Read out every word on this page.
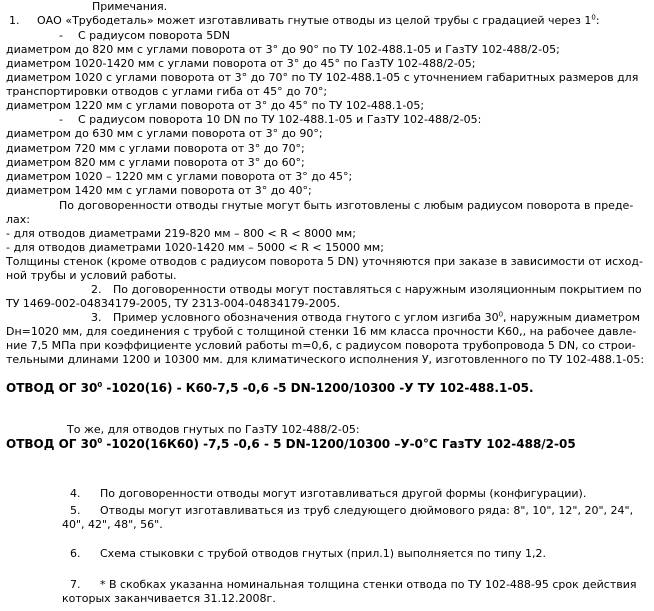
Примечания.
1. ОАО «Трубодеталь» может изготавливать гнутые отводы из целой трубы с градацией через $1^0$:
- С радиусом поворота 5DN
диаметром до 820 мм с углами поворота от 3° до 90° по ТУ 102-488.1-05 и ГазТУ 102-488/2-05;
диаметром 1020-1420 мм с углами поворота от 3° до 45° по ГазТУ 102-488/2-05;
диаметром 1020 с углами поворота от 3° до 70° по ТУ 102-488.1-05 с уточнением габаритных размеров для
транспортировки отводов с углами гиба от 45° до 70°;
диаметром 1220 мм с углами поворота от 3° до 45° по ТУ 102-488.1-05;
- С радиусом поворота 10 DN по ТУ 102-488.1-05 и ГазТУ 102-488/2-05:
диаметром до 630 мм с углами поворота от 3° до 90°;
диаметром 720 мм с углами поворота от 3° до 70°;
диаметром 820 мм с углами поворота от 3° до 60°;
диаметром 1020 – 1220 мм с углами поворота от 3° до 45°;
диаметром 1420 мм с углами поворота от 3° до 40°;
По договоренности отводы гнутые могут быть изготовлены с любым радиусом поворота в преде-
лах:
- для отводов диаметрами 219-820 мм – 800 < R < 8000 мм;
- для отводов диаметрами 1020-1420 мм – 5000 < R < 15000 мм;
Толщины стенок (кроме отводов с радиусом поворота 5 DN) уточняются при заказе в зависимости от исход-
ной трубы и условий работы.
2. По договоренности отводы могут поставляться с наружным изоляционным покрытием по
ТУ 1469-002-04834179-2005, ТУ 2313-004-04834179-2005.
3. Пример условного обозначения отвода гнутого с углом изгиба $30^0$, наружным диаметром
Dн=1020 мм, для соединения с трубой с толщиной стенки 16 мм класса прочности К60,, на рабочее давле-
ние 7,5 МПа при коэффициенте условий работы m=0,6, с радиусом поворота трубопровода 5 DN, со строи-
тельными длинами 1200 и 10300 мм. для климатического исполнения У, изготовленного по ТУ 102-488.1-05:
ОТВОД ОГ $30^0$ -1020(16) - К60-7,5 -0,6 -5 DN-1200/10300 -У ТУ 102-488.1-05.
То же, для отводов гнутых по ГазТУ 102-488/2-05:
ОТВОД ОГ $30^0$ -1020(16К60) -7,5 -0,6 - 5 DN-1200/10300 –У-0°С ГазТУ 102-488/2-05
4. По договоренности отводы могут изготавливаться другой формы (конфигурации).
5. Отводы могут изготавливаться из труб следующего дюймового ряда: 8", 10", 12", 20", 24",
40", 42", 48", 56".
6. Схема стыковки с трубой отводов гнутых (прил.1) выполняется по типу 1,2.
7. * В скобках указанна номинальная толщина стенки отвода по ТУ 102-488-95 срок действия
которых заканчивается 31.12.2008г.
